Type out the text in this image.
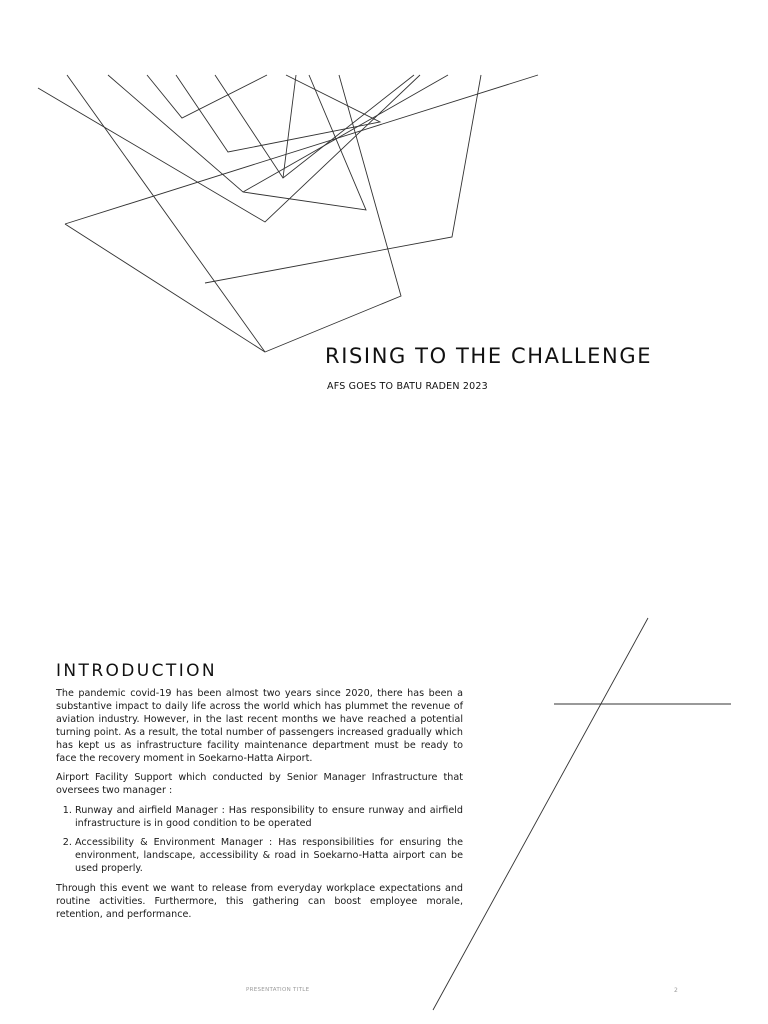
RISING TO THE CHALLENGE
AFS GOES TO BATU RADEN 2023
INTRODUCTION

The pandemic covid-19 has been almost two years since 2020, there has been a substantive impact to daily life across the world which has plummet the revenue of aviation industry. However, in the last recent months we have reached a potential turning point. As a result, the total number of passengers increased gradually which has kept us as infrastructure facility maintenance department must be ready to face the recovery moment in Soekarno-Hatta Airport.

Airport Facility Support which conducted by Senior Manager Infrastructure that oversees two manager :

1. Runway and airfield Manager : Has responsibility to ensure runway and airfield infrastructure is in good condition to be operated
2. Accessibility & Environment Manager : Has responsibilities for ensuring the environment, landscape, accessibility & road in Soekarno-Hatta airport can be used properly.

Through this event we want to release from everyday workplace expectations and routine activities. Furthermore, this gathering can boost employee morale, retention, and performance.

PRESENTATION TITLE	2
